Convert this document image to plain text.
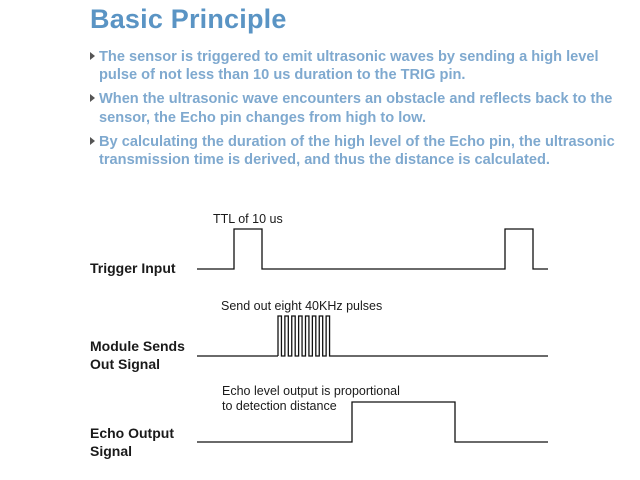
Basic Principle
The sensor is triggered to emit ultrasonic waves by sending a high level pulse of not less than 10 us duration to the TRIG pin.
When the ultrasonic wave encounters an obstacle and reflects back to the sensor, the Echo pin changes from high to low.
By calculating the duration of the high level of the Echo pin, the ultrasonic transmission time is derived, and thus the distance is calculated.
Trigger Input
Module Sends
Out Signal
Echo Output
Signal
TTL of 10 us
Send out eight 40KHz pulses
Echo level output is proportional
to detection distance
